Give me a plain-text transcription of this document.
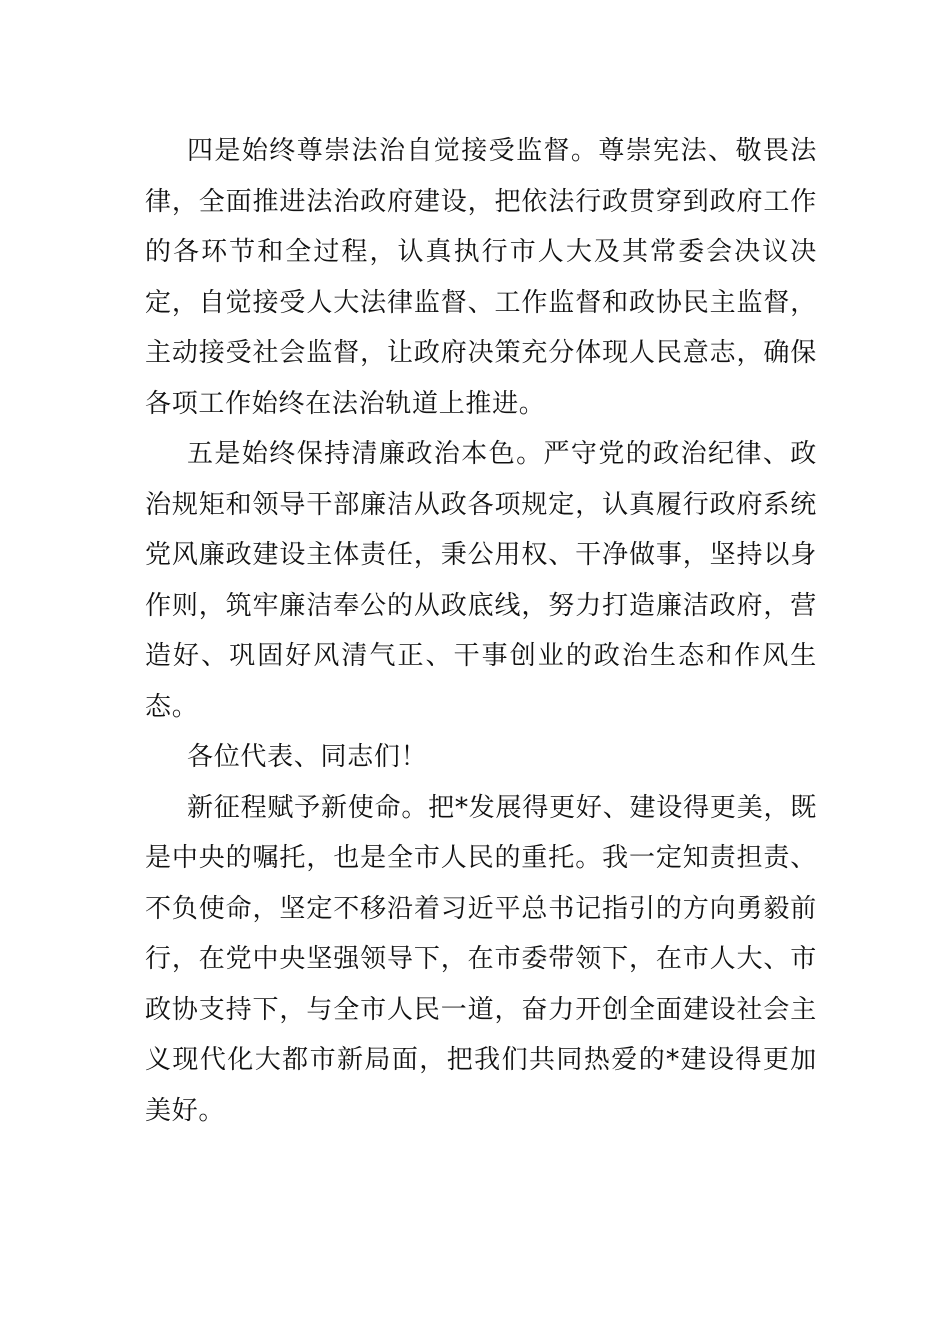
四是始终尊崇法治自觉接受监督。尊崇宪法、敬畏法律，全面推进法治政府建设，把依法行政贯穿到政府工作的各环节和全过程，认真执行市人大及其常委会决议决定，自觉接受人大法律监督、工作监督和政协民主监督，主动接受社会监督，让政府决策充分体现人民意志，确保各项工作始终在法治轨道上推进。

五是始终保持清廉政治本色。严守党的政治纪律、政治规矩和领导干部廉洁从政各项规定，认真履行政府系统党风廉政建设主体责任，秉公用权、干净做事，坚持以身作则，筑牢廉洁奉公的从政底线，努力打造廉洁政府，营造好、巩固好风清气正、干事创业的政治生态和作风生态。

各位代表、同志们！

新征程赋予新使命。把*发展得更好、建设得更美，既是中央的嘱托，也是全市人民的重托。我一定知责担责、不负使命，坚定不移沿着习近平总书记指引的方向勇毅前行，在党中央坚强领导下，在市委带领下，在市人大、市政协支持下，与全市人民一道，奋力开创全面建设社会主义现代化大都市新局面，把我们共同热爱的*建设得更加美好。
